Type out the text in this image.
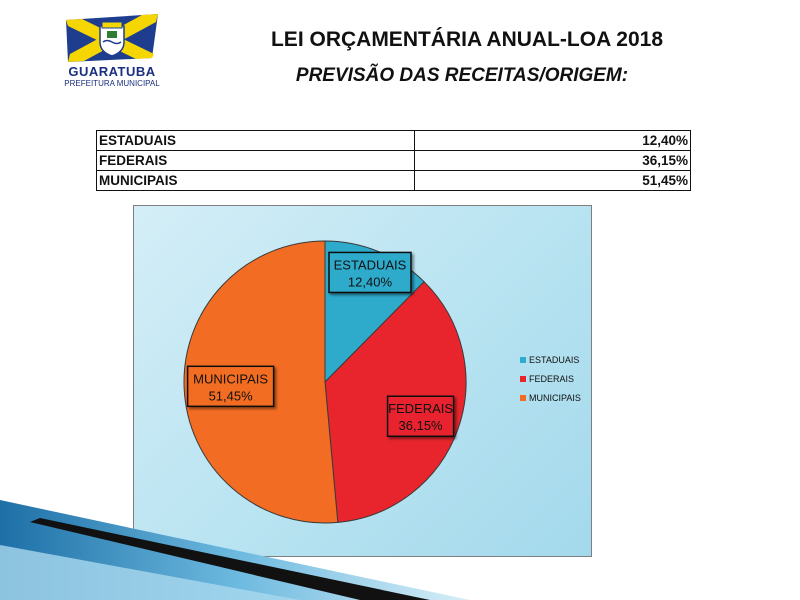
GUARATUBA
PREFEITURA MUNICIPAL
LEI ORÇAMENTÁRIA ANUAL-LOA 2018
PREVISÃO DAS RECEITAS/ORIGEM:
ESTADUAIS	12,40%
FEDERAIS	36,15%
MUNICIPAIS	51,45%
ESTADUAIS
12,40%
FEDERAIS
36,15%
MUNICIPAIS
51,45%
ESTADUAIS
FEDERAIS
MUNICIPAIS
